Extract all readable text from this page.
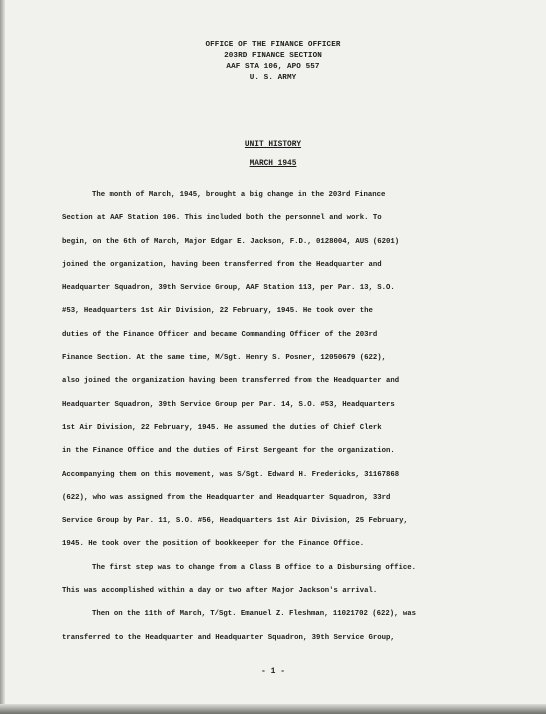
OFFICE OF THE FINANCE OFFICER
203RD FINANCE SECTION
AAF STA 106, APO 557
U. S. ARMY
UNIT HISTORY
MARCH 1945
The month of March, 1945, brought a big change in the 203rd Finance
Section at AAF Station 106. This included both the personnel and work. To
begin, on the 6th of March, Major Edgar E. Jackson, F.D., 0128004, AUS (6201)
joined the organization, having been transferred from the Headquarter and
Headquarter Squadron, 39th Service Group, AAF Station 113, per Par. 13, S.O.
#53, Headquarters 1st Air Division, 22 February, 1945. He took over the
duties of the Finance Officer and became Commanding Officer of the 203rd
Finance Section. At the same time, M/Sgt. Henry S. Posner, 12050679 (622),
also joined the organization having been transferred from the Headquarter and
Headquarter Squadron, 39th Service Group per Par. 14, S.O. #53, Headquarters
1st Air Division, 22 February, 1945. He assumed the duties of Chief Clerk
in the Finance Office and the duties of First Sergeant for the organization.
Accompanying them on this movement, was S/Sgt. Edward H. Fredericks, 31167868
(622), who was assigned from the Headquarter and Headquarter Squadron, 33rd
Service Group by Par. 11, S.O. #56, Headquarters 1st Air Division, 25 February,
1945. He took over the position of bookkeeper for the Finance Office.
The first step was to change from a Class B office to a Disbursing office.
This was accomplished within a day or two after Major Jackson's arrival.
Then on the 11th of March, T/Sgt. Emanuel Z. Fleshman, 11021702 (622), was
transferred to the Headquarter and Headquarter Squadron, 39th Service Group,
- 1 -
